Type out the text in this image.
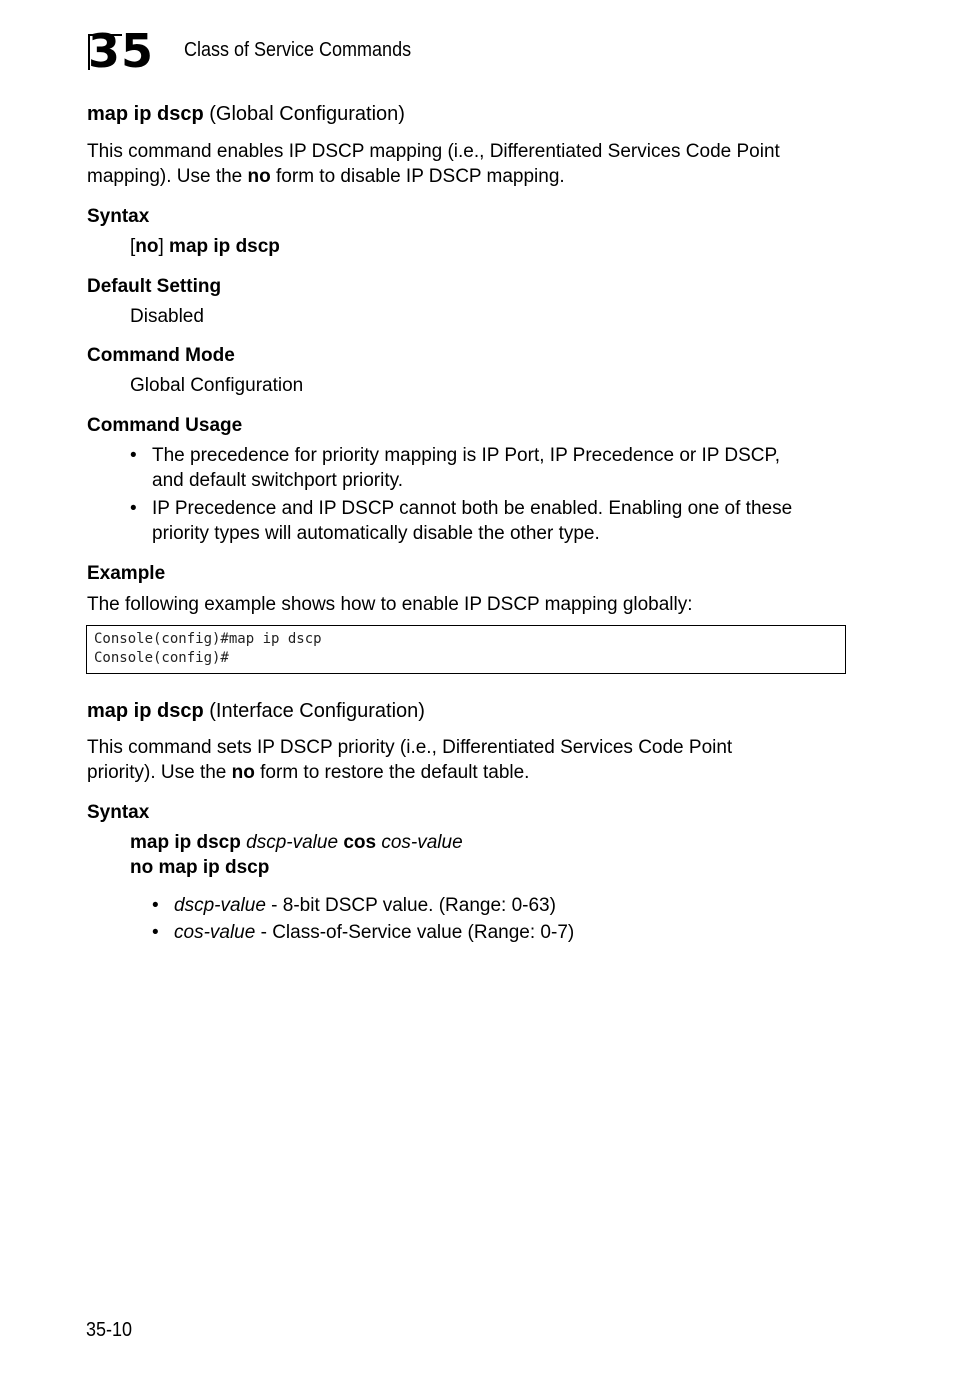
35	Class of Service Commands
map ip dscp (Global Configuration)
This command enables IP DSCP mapping (i.e., Differentiated Services Code Point
mapping). Use the no form to disable IP DSCP mapping.
Syntax
[no] map ip dscp
Default Setting
Disabled
Command Mode
Global Configuration
Command Usage
• The precedence for priority mapping is IP Port, IP Precedence or IP DSCP,
and default switchport priority.
• IP Precedence and IP DSCP cannot both be enabled. Enabling one of these
priority types will automatically disable the other type.
Example
The following example shows how to enable IP DSCP mapping globally:
Console(config)#map ip dscp
Console(config)#
map ip dscp (Interface Configuration)
This command sets IP DSCP priority (i.e., Differentiated Services Code Point
priority). Use the no form to restore the default table.
Syntax
map ip dscp dscp-value cos cos-value
no map ip dscp
• dscp-value - 8-bit DSCP value. (Range: 0-63)
• cos-value - Class-of-Service value (Range: 0-7)
35-10
